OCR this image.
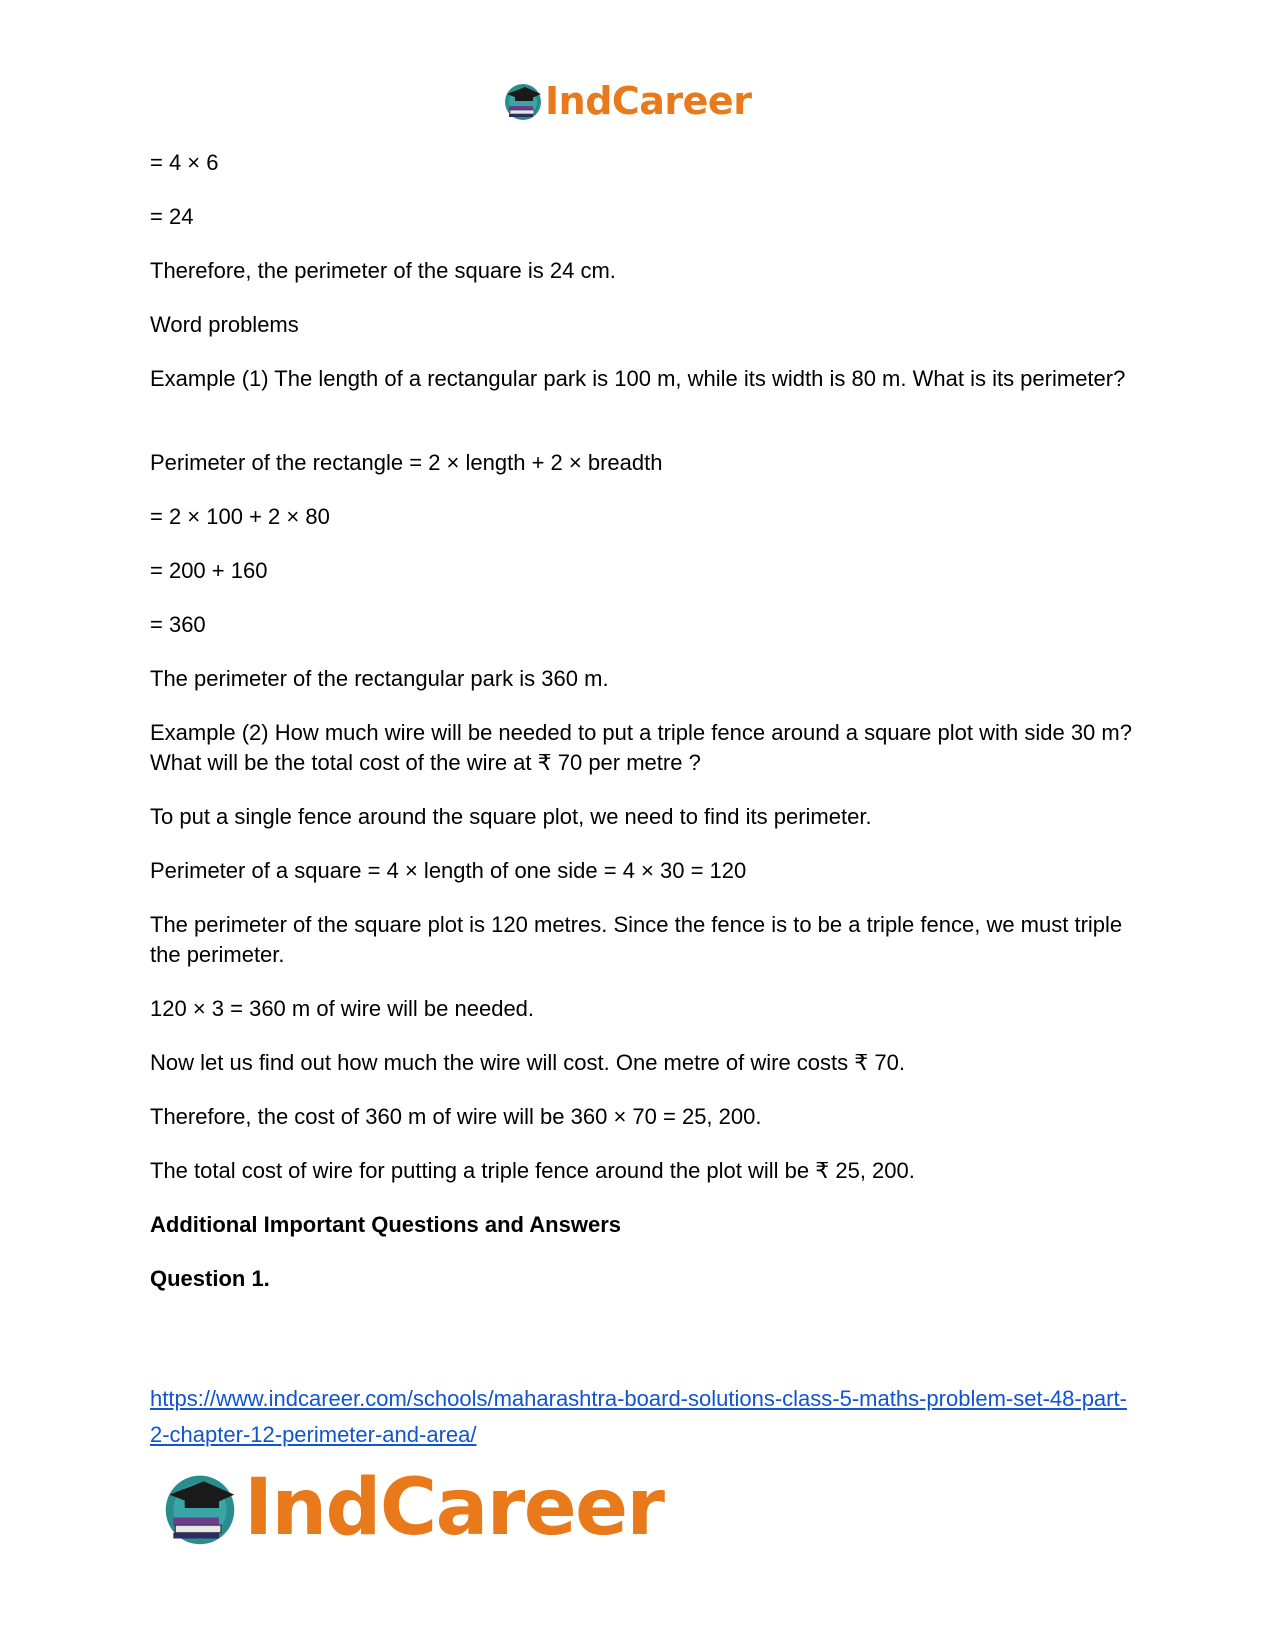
IndCareer
= 4 × 6
= 24
Therefore, the perimeter of the square is 24 cm.
Word problems
Example (1) The length of a rectangular park is 100 m, while its width is 80 m. What is its perimeter?
Perimeter of the rectangle = 2 × length + 2 × breadth
= 2 × 100 + 2 × 80
= 200 + 160
= 360
The perimeter of the rectangular park is 360 m.
Example (2) How much wire will be needed to put a triple fence around a square plot with side 30 m? What will be the total cost of the wire at ₹ 70 per metre ?
To put a single fence around the square plot, we need to find its perimeter.
Perimeter of a square = 4 × length of one side = 4 × 30 = 120
The perimeter of the square plot is 120 metres. Since the fence is to be a triple fence, we must triple the perimeter.
120 × 3 = 360 m of wire will be needed.
Now let us find out how much the wire will cost. One metre of wire costs ₹ 70.
Therefore, the cost of 360 m of wire will be 360 × 70 = 25, 200.
The total cost of wire for putting a triple fence around the plot will be ₹ 25, 200.
Additional Important Questions and Answers
Question 1.
https://www.indcareer.com/schools/maharashtra-board-solutions-class-5-maths-problem-set-48-part-2-chapter-12-perimeter-and-area/
IndCareer
